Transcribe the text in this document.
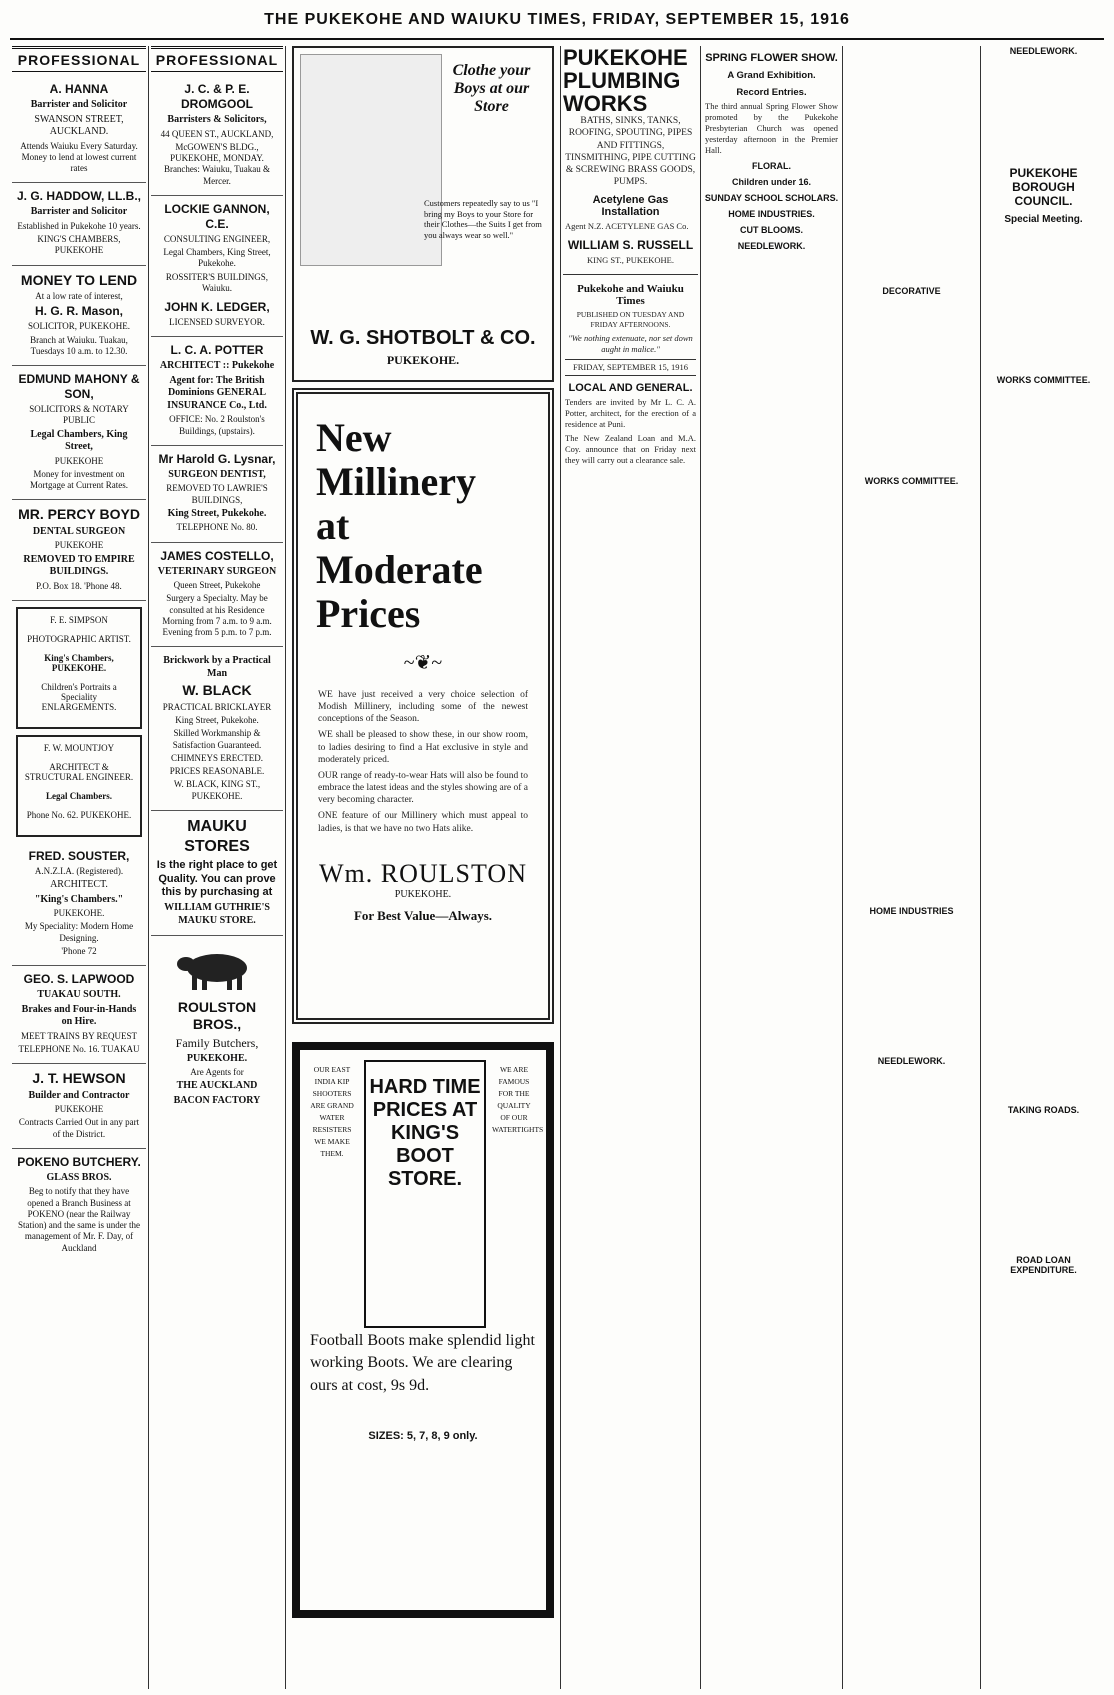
THE PUKEKOHE AND WAIUKU TIMES, FRIDAY, SEPTEMBER 15, 1916
PROFESSIONAL
A. HANNA

Barrister and Solicitor

SWANSON STREET, AUCKLAND.

Attends Waiuku Every Saturday. Money to lend at lowest current rates

J. G. HADDOW, LL.B.,

Barrister and Solicitor

Established in Pukekohe 10 years.

KING'S CHAMBERS, PUKEKOHE

MONEY TO LEND

At a low rate of interest,

H. G. R. Mason,

SOLICITOR, PUKEKOHE.

Branch at Waiuku. Tuakau, Tuesdays 10 a.m. to 12.30.

EDMUND MAHONY & SON,

SOLICITORS & NOTARY PUBLIC

Legal Chambers, King Street,

PUKEKOHE

Money for investment on Mortgage at Current Rates.

MR. PERCY BOYD

DENTAL SURGEON

PUKEKOHE

REMOVED TO EMPIRE BUILDINGS.

P.O. Box 18. 'Phone 48.

F. E. SIMPSON

PHOTOGRAPHIC ARTIST.

King's Chambers, PUKEKOHE.

Children's Portraits a Speciality ENLARGEMENTS.

F. W. MOUNTJOY

ARCHITECT & STRUCTURAL ENGINEER.

Legal Chambers.

Phone No. 62. PUKEKOHE.

FRED. SOUSTER,

A.N.Z.I.A. (Registered).

ARCHITECT.

"King's Chambers."

PUKEKOHE.

My Speciality: Modern Home Designing.

'Phone 72

GEO. S. LAPWOOD

TUAKAU SOUTH.

Brakes and Four-in-Hands on Hire.

MEET TRAINS BY REQUEST

TELEPHONE No. 16. TUAKAU

J. T. HEWSON

Builder and Contractor

PUKEKOHE

Contracts Carried Out in any part of the District.

POKENO BUTCHERY.

GLASS BROS.

Beg to notify that they have opened a Branch Business at POKENO (near the Railway Station) and the same is under the management of Mr. F. Day, of Auckland

PROFESSIONAL
J. C. & P. E. DROMGOOL

Barristers & Solicitors,

44 QUEEN ST., AUCKLAND,

McGOWEN'S BLDG., PUKEKOHE, MONDAY. Branches: Waiuku, Tuakau & Mercer.

LOCKIE GANNON, C.E.

CONSULTING ENGINEER,

Legal Chambers, King Street, Pukekohe.

ROSSITER'S BUILDINGS, Waiuku.

JOHN K. LEDGER,

LICENSED SURVEYOR.

L. C. A. POTTER

ARCHITECT :: Pukekohe

Agent for: The British Dominions GENERAL INSURANCE Co., Ltd.

OFFICE: No. 2 Roulston's Buildings, (upstairs).

Mr Harold G. Lysnar,

SURGEON DENTIST,

REMOVED TO LAWRIE'S BUILDINGS,

King Street, Pukekohe.

TELEPHONE No. 80.

JAMES COSTELLO,

VETERINARY SURGEON

Queen Street, Pukekohe

Surgery a Specialty. May be consulted at his Residence Morning from 7 a.m. to 9 a.m. Evening from 5 p.m. to 7 p.m.

Brickwork by a Practical Man

W. BLACK

PRACTICAL BRICKLAYER

King Street, Pukekohe.

Skilled Workmanship & Satisfaction Guaranteed.

CHIMNEYS ERECTED.

PRICES REASONABLE.

W. BLACK, KING ST., PUKEKOHE.

MAUKU STORES

Is the right place to get Quality. You can prove this by purchasing at

WILLIAM GUTHRIE'S MAUKU STORE.

ROULSTON BROS.,

Family Butchers,

PUKEKOHE.

Are Agents for

THE AUCKLAND

BACON FACTORY

Clothe your Boys at our Store
Customers repeatedly say to us "I bring my Boys to your Store for their Clothes—the Suits I get from you always wear so well."
W. G. SHOTBOLT & CO.
PUKEKOHE.
New Millinery at Moderate Prices
~❦~

WE have just received a very choice selection of Modish Millinery, including some of the newest conceptions of the Season.

WE shall be pleased to show these, in our show room, to ladies desiring to find a Hat exclusive in style and moderately priced.

OUR range of ready-to-wear Hats will also be found to embrace the latest ideas and the styles showing are of a very becoming character.

ONE feature of our Millinery which must appeal to ladies, is that we have no two Hats alike.

Wm. ROULSTON
PUKEKOHE.
For Best Value—Always.
OUR EAST INDIA KIP SHOOTERS ARE GRAND WATER RESISTERS WE MAKE THEM.
HARD TIME PRICES AT KING'S BOOT STORE.
WE ARE FAMOUS FOR THE QUALITY OF OUR WATERTIGHTS
Football Boots make splendid light working Boots. We are clearing ours at cost, 9s 9d.
SIZES: 5, 7, 8, 9 only.
PUKEKOHE PLUMBING WORKS

BATHS, SINKS, TANKS, ROOFING, SPOUTING, PIPES AND FITTINGS, TINSMITHING, PIPE CUTTING & SCREWING BRASS GOODS, PUMPS.

Acetylene Gas Installation

Agent N.Z. ACETYLENE GAS Co.

WILLIAM S. RUSSELL

KING ST., PUKEKOHE.

Pukekohe and Waiuku Times

PUBLISHED ON TUESDAY AND FRIDAY AFTERNOONS.

"We nothing extenuate, nor set down aught in malice."

FRIDAY, SEPTEMBER 15, 1916

LOCAL AND GENERAL.

Tenders are invited by Mr L. C. A. Potter, architect, for the erection of a residence at Puni.

The New Zealand Loan and M.A. Coy. announce that on Friday next they will carry out a clearance sale.

SPRING FLOWER SHOW.
A Grand Exhibition.
Record Entries.

The third annual Spring Flower Show promoted by the Pukekohe Presbyterian Church was opened yesterday afternoon in the Premier Hall.

FLORAL.
Children under 16.
SUNDAY SCHOOL SCHOLARS.
HOME INDUSTRIES.
CUT BLOOMS.
NEEDLEWORK.
DECORATIVE
WORKS COMMITTEE.
HOME INDUSTRIES
NEEDLEWORK.
NEEDLEWORK.
PUKEKOHE BOROUGH COUNCIL.
Special Meeting.
WORKS COMMITTEE.
TAKING ROADS.
ROAD LOAN EXPENDITURE.
